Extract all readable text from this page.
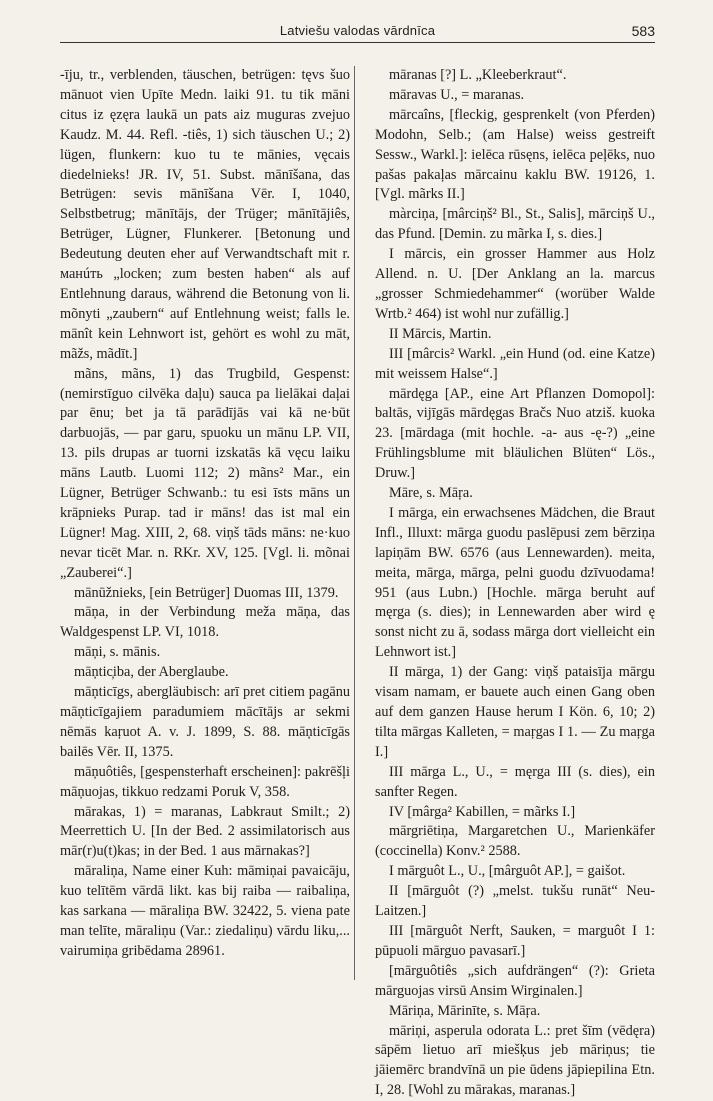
Latviešu valodas vārdnīca	583

-īju, tr., verblenden, täuschen, betrügen: tęvs šuo mānuot vien Upīte Medn. laiki 91. tu tik māni citus iz ęzęra laukā un pats aiz muguras zvejuo Kaudz. M. 44. Refl. -tiês, 1) sich täuschen U.; 2) lügen, flunkern: kuo tu te mānies, vęcais diedelnieks! JR. IV, 51. Subst. mānīšana, das Betrügen: sevis mānīšana Vēr. I, 1040, Selbstbetrug; mānītājs, der Trüger; mānītājiês, Betrüger, Lügner, Flunkerer. [Betonung und Bedeutung deuten eher auf Verwandtschaft mit r. манúть „locken; zum besten haben“ als auf Entlehnung daraus, während die Betonung von li. mõnyti „zaubern“ auf Entlehnung weist; falls le. mānît kein Lehnwort ist, gehört es wohl zu māt, mãžs, mãdīt.]

mãns, mãns, 1) das Trugbild, Gespenst: (nemirstīguo cilvēka daļu) sauca pa lielākai daļai par ēnu; bet ja tā parādījās vai kā ne·būt darbuojās, — par garu, spuoku un mānu LP. VII, 13. pils drupas ar tuorni izskatās kā vęcu laiku māns Lautb. Luomi 112; 2) mãns² Mar., ein Lügner, Betrüger Schwanb.: tu esi īsts māns un krāpnieks Purap. tad ir māns! das ist mal ein Lügner! Mag. XIII, 2, 68. viņš tāds māns: ne·kuo nevar ticēt Mar. n. RKr. XV, 125. [Vgl. li. mõnai „Zauberei“.]

mānūžnieks, [ein Betrüger] Duomas III, 1379.

māņa, in der Verbindung meža māņa, das Waldgespenst LP. VI, 1018.

māņi, s. mānis.

māņtic̦iba, der Aberglaube.

māņticīgs, abergläubisch: arī pret citiem pagānu māņticīgajiem paradumiem mācītājs ar sekmi nēmās kaŗuot A. v. J. 1899, S. 88. māņticīgās bailēs Vēr. II, 1375.

māņuôtiês, [gespensterhaft erscheinen]: pakrēšļi māņuojas, tikkuo redzami Poruk V, 358.

mārakas, 1) = maranas, Labkraut Smilt.; 2) Meerrettich U. [In der Bed. 2 assimilatorisch aus mār(r)u(t)kas; in der Bed. 1 aus mārnakas?]

māraliņa, Name einer Kuh: māmiņai pavaicāju, kuo telītēm vārdā likt. kas bij raiba — raibaliņa, kas sarkana — māraliņa BW. 32422, 5. viena pate man telīte, māraliņu (Var.: ziedaliņu) vārdu liku,... vairumiņa gribēdama 28961.

māranas [?] L. „Kleeberkraut“.

māravas U., = maranas.

mārcaîns, [fleckig, gesprenkelt (von Pferden) Modohn, Selb.; (am Halse) weiss gestreift Sessw., Warkl.]: ielēca rūsęns, ielēca peļēks, nuo pašas pakaļas mārcainu kaklu BW. 19126, 1. [Vgl. mãrks II.]

màrciņa, [mârciņš² Bl., St., Salis], mārciņš U., das Pfund. [Demin. zu mãrka I, s. dies.]

I mārcis, ein grosser Hammer aus Holz Allend. n. U. [Der Anklang an la. marcus „grosser Schmiedehammer“ (worüber Walde Wrtb.² 464) ist wohl nur zufällig.]

II Mārcis, Martin.

III [mârcis² Warkl. „ein Hund (od. eine Katze) mit weissem Halse“.]

mārdęga [AP., eine Art Pflanzen Domopol]: baltās, vijīgās mārdęgas Bračs Nuo atziš. kuoka 23. [mārdaga (mit hochle. -a- aus -ę-?) „eine Frühlingsblume mit bläulichen Blüten“ Lös., Druw.]

Māre, s. Māŗa.

I mārga, ein erwachsenes Mädchen, die Braut Infl., Illuxt: mārga guodu paslēpusi zem bērziņa lapiņām BW. 6576 (aus Lennewarden). meita, meita, mārga, mārga, pelni guodu dzīvuodama! 951 (aus Lubn.) [Hochle. mārga beruht auf męrga (s. dies); in Lennewarden aber wird ę sonst nicht zu ā, sodass mārga dort vielleicht ein Lehnwort ist.]

II mārga, 1) der Gang: viņš pataisīja mārgu visam namam, er bauete auch einen Gang oben auf dem ganzen Hause herum I Kön. 6, 10; 2) tilta mārgas Kalleten, = maŗgas I 1. — Zu maŗga I.]

III mārga L., U., = męrga III (s. dies), ein sanfter Regen.

IV [mârga² Kabillen, = mãrks I.]

mārgriētiņa, Margaretchen U., Marienkäfer (coccinella) Konv.² 2588.

I mārguôt L., U., [mârguôt AP.], = gaišot.

II [mārguôt (?) „melst. tukšu runāt“ Neu-Laitzen.]

III [mārguôt Nerft, Sauken, = marguôt I 1: pūpuoli mārguo pavasarī.]

[mārguôtiês „sich aufdrängen“ (?): Grieta mārguojas virsū Ansim Wirginalen.]

Māriņa, Mārinīte, s. Māŗa.

māriņi, asperula odorata L.: pret šīm (vēdęra) sāpēm lietuo arī miešķus jeb māriņus; tie jāiemērc brandvīnā un pie ūdens jāpiepilina Etn. I, 28. [Wohl zu mārakas, maranas.]
